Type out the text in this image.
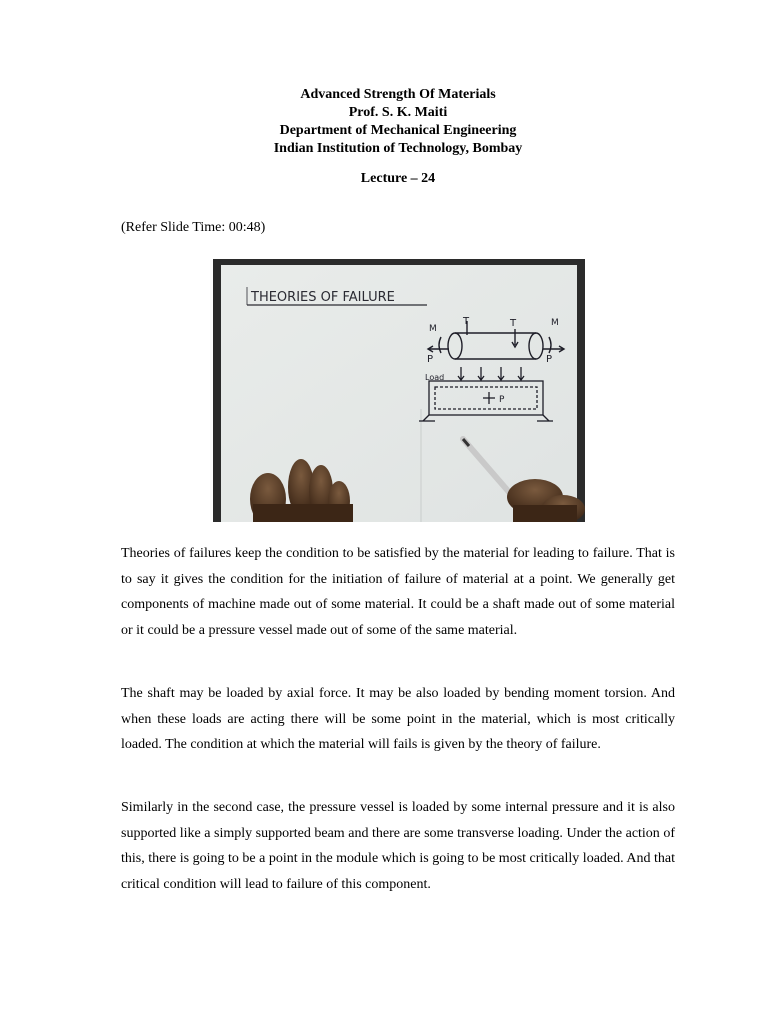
Advanced Strength Of Materials
Prof. S. K. Maiti
Department of Mechanical Engineering
Indian Institution of Technology, Bombay
Lecture – 24
(Refer Slide Time: 00:48)
THEORIES OF FAILURE
M
T	T	M
P	P
Load
P

Theories of failures keep the condition to be satisfied by the material for leading to failure. That is to say it gives the condition for the initiation of failure of material at a point. We generally get components of machine made out of some material. It could be a shaft made out of some material or it could be a pressure vessel made out of some of the same material.

The shaft may be loaded by axial force. It may be also loaded by bending moment torsion. And when these loads are acting there will be some point in the material, which is most critically loaded. The condition at which the material will fails is given by the theory of failure.

Similarly in the second case, the pressure vessel is loaded by some internal pressure and it is also supported like a simply supported beam and there are some transverse loading. Under the action of this, there is going to be a point in the module which is going to be most critically loaded. And that critical condition will lead to failure of this component.
